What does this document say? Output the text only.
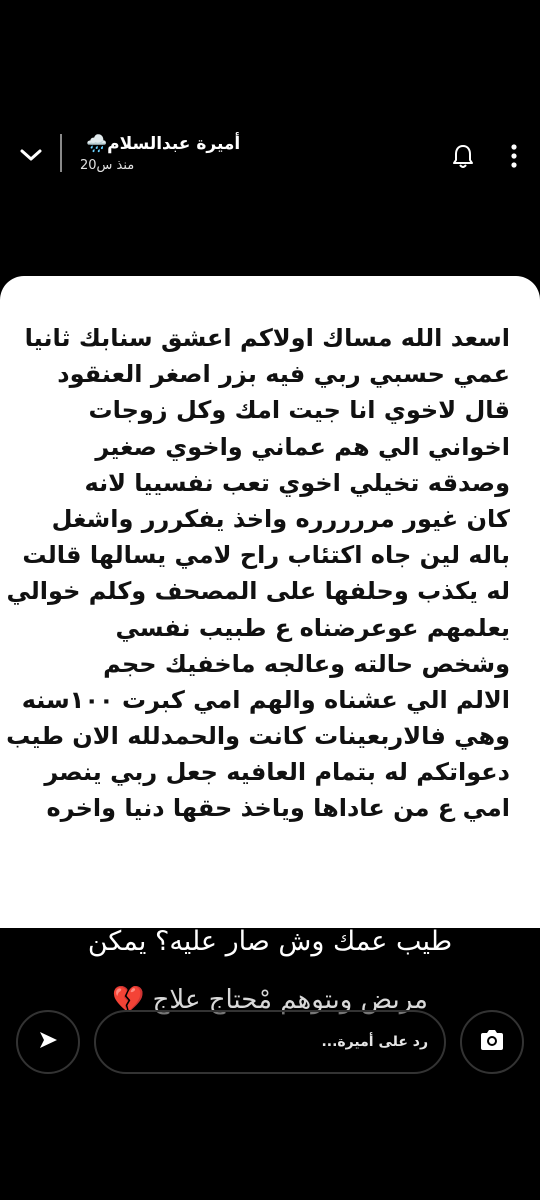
أميرة عبدالسلام🌧️
منذ س20
اسعد الله مساك اولاكم اعشق سنابك ثانيا
عمي حسبي ربي فيه بزر اصغر العنقود
قال لاخوي انا جيت امك وكل زوجات
اخواني الي هم عماني واخوي صغير
وصدقه تخيلي اخوي تعب نفسييا لانه
كان غيور مررررره واخذ يفكررر واشغل
باله لين جاه اكتئاب راح لامي يسالها قالت
له يكذب وحلفها على المصحف وكلم خوالي
يعلمهم عوعرضناه ع طبيب نفسي
وشخص حالته وعالجه ماخفيك حجم
الالم الي عشناه والهم امي كبرت ١٠٠سنه
وهي فالاربعينات كانت والحمدلله الان طيب
دعواتكم له بتمام العافيه جعل ربي ينصر
امي ع من عاداها وياخذ حقها دنيا واخره
طيب عمك وش صار عليه؟ يمكن
مريض ويتوهم مْحتاج علاج 💔
رد على أميرة...
